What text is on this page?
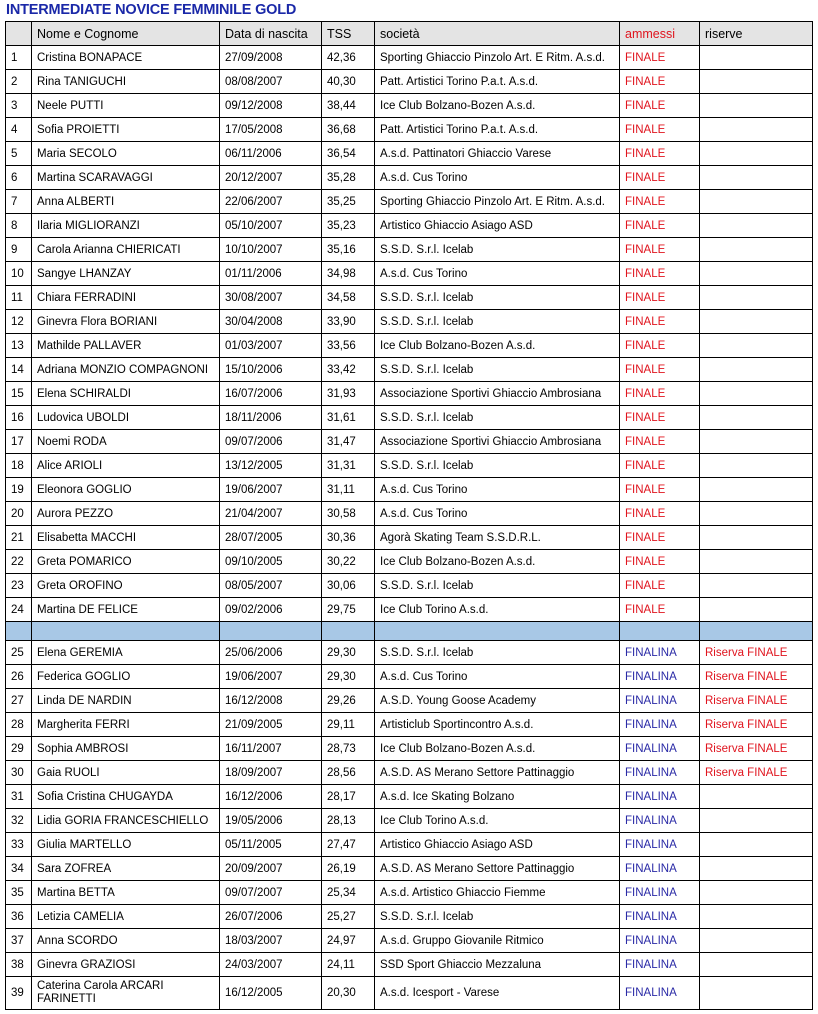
INTERMEDIATE NOVICE FEMMINILE GOLD
	Nome e Cognome	Data di nascita	TSS	società	ammessi	riserve
1	Cristina BONAPACE	27/09/2008	42,36	Sporting Ghiaccio Pinzolo Art. E Ritm. A.s.d.	FINALE	
2	Rina TANIGUCHI	08/08/2007	40,30	Patt. Artistici Torino P.a.t. A.s.d.	FINALE	
3	Neele PUTTI	09/12/2008	38,44	Ice Club Bolzano-Bozen A.s.d.	FINALE	
4	Sofia PROIETTI	17/05/2008	36,68	Patt. Artistici Torino P.a.t. A.s.d.	FINALE	
5	Maria SECOLO	06/11/2006	36,54	A.s.d. Pattinatori Ghiaccio Varese	FINALE	
6	Martina SCARAVAGGI	20/12/2007	35,28	A.s.d. Cus Torino	FINALE	
7	Anna ALBERTI	22/06/2007	35,25	Sporting Ghiaccio Pinzolo Art. E Ritm. A.s.d.	FINALE	
8	Ilaria MIGLIORANZI	05/10/2007	35,23	Artistico Ghiaccio Asiago ASD	FINALE	
9	Carola Arianna CHIERICATI	10/10/2007	35,16	S.S.D. S.r.l. Icelab	FINALE	
10	Sangye LHANZAY	01/11/2006	34,98	A.s.d. Cus Torino	FINALE	
11	Chiara FERRADINI	30/08/2007	34,58	S.S.D. S.r.l. Icelab	FINALE	
12	Ginevra Flora BORIANI	30/04/2008	33,90	S.S.D. S.r.l. Icelab	FINALE	
13	Mathilde PALLAVER	01/03/2007	33,56	Ice Club Bolzano-Bozen A.s.d.	FINALE	
14	Adriana MONZIO COMPAGNONI	15/10/2006	33,42	S.S.D. S.r.l. Icelab	FINALE	
15	Elena SCHIRALDI	16/07/2006	31,93	Associazione Sportivi Ghiaccio Ambrosiana	FINALE	
16	Ludovica UBOLDI	18/11/2006	31,61	S.S.D. S.r.l. Icelab	FINALE	
17	Noemi RODA	09/07/2006	31,47	Associazione Sportivi Ghiaccio Ambrosiana	FINALE	
18	Alice ARIOLI	13/12/2005	31,31	S.S.D. S.r.l. Icelab	FINALE	
19	Eleonora GOGLIO	19/06/2007	31,11	A.s.d. Cus Torino	FINALE	
20	Aurora PEZZO	21/04/2007	30,58	A.s.d. Cus Torino	FINALE	
21	Elisabetta MACCHI	28/07/2005	30,36	Agorà Skating Team S.S.D.R.L.	FINALE	
22	Greta POMARICO	09/10/2005	30,22	Ice Club Bolzano-Bozen A.s.d.	FINALE	
23	Greta OROFINO	08/05/2007	30,06	S.S.D. S.r.l. Icelab	FINALE	
24	Martina DE FELICE	09/02/2006	29,75	Ice Club Torino A.s.d.	FINALE	

25	Elena GEREMIA	25/06/2006	29,30	S.S.D. S.r.l. Icelab	FINALINA	Riserva FINALE
26	Federica GOGLIO	19/06/2007	29,30	A.s.d. Cus Torino	FINALINA	Riserva FINALE
27	Linda DE NARDIN	16/12/2008	29,26	A.S.D. Young Goose Academy	FINALINA	Riserva FINALE
28	Margherita FERRI	21/09/2005	29,11	Artisticlub Sportincontro A.s.d.	FINALINA	Riserva FINALE
29	Sophia AMBROSI	16/11/2007	28,73	Ice Club Bolzano-Bozen A.s.d.	FINALINA	Riserva FINALE
30	Gaia RUOLI	18/09/2007	28,56	A.S.D. AS Merano Settore Pattinaggio	FINALINA	Riserva FINALE
31	Sofia Cristina CHUGAYDA	16/12/2006	28,17	A.s.d. Ice Skating Bolzano	FINALINA	
32	Lidia GORIA FRANCESCHIELLO	19/05/2006	28,13	Ice Club Torino A.s.d.	FINALINA	
33	Giulia MARTELLO	05/11/2005	27,47	Artistico Ghiaccio Asiago ASD	FINALINA	
34	Sara ZOFREA	20/09/2007	26,19	A.S.D. AS Merano Settore Pattinaggio	FINALINA	
35	Martina BETTA	09/07/2007	25,34	A.s.d. Artistico Ghiaccio Fiemme	FINALINA	
36	Letizia CAMELIA	26/07/2006	25,27	S.S.D. S.r.l. Icelab	FINALINA	
37	Anna SCORDO	18/03/2007	24,97	A.s.d. Gruppo Giovanile Ritmico	FINALINA	
38	Ginevra GRAZIOSI	24/03/2007	24,11	SSD Sport Ghiaccio Mezzaluna	FINALINA	
39	Caterina Carola ARCARI FARINETTI	16/12/2005	20,30	A.s.d. Icesport - Varese	FINALINA	
